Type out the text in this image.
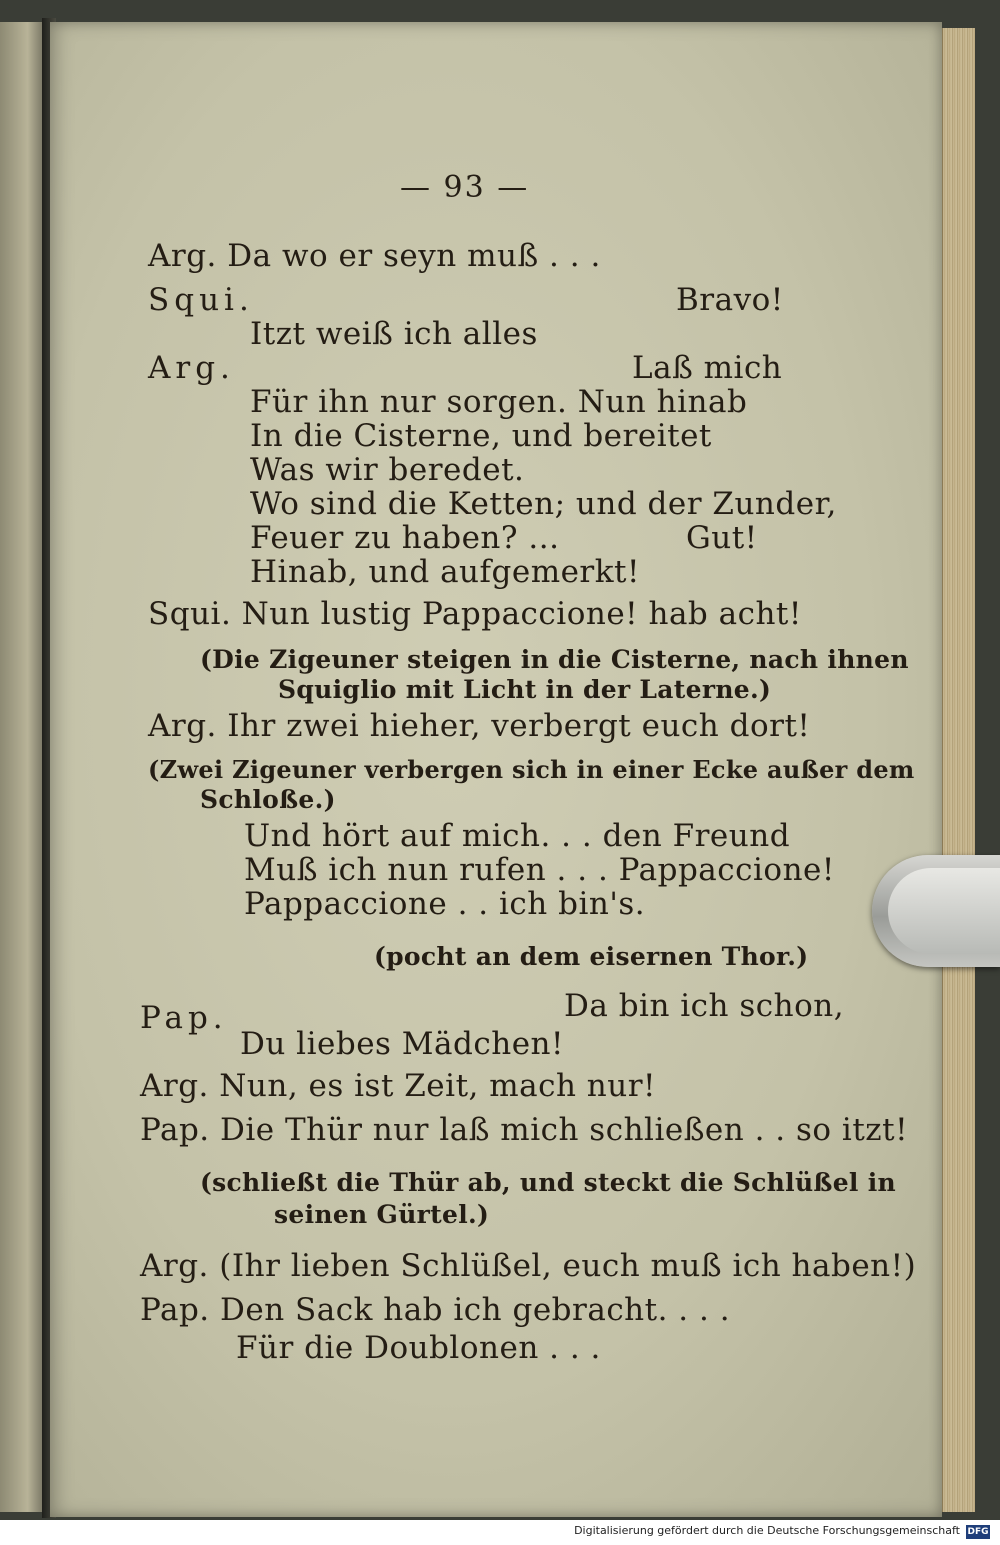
— 93 —
Arg. Da wo er seyn muß . . .
Squi.	Bravo!
Itzt weiß ich alles
Arg.	Laß mich
Für ihn nur sorgen. Nun hinab
In die Cisterne, und bereitet
Was wir beredet.
Wo sind die Ketten; und der Zunder,
Feuer zu haben? ...	Gut!
Hinab, und aufgemerkt!
Squi. Nun lustig Pappaccione! hab acht!
(Die Zigeuner steigen in die Cisterne, nach ihnen
Squiglio mit Licht in der Laterne.)
Arg. Ihr zwei hieher, verbergt euch dort!
(Zwei Zigeuner verbergen sich in einer Ecke außer dem
Schloße.)
Und hört auf mich. . . den Freund
Muß ich nun rufen . . . Pappaccione!
Pappaccione . . ich bin's.
(pocht an dem eisernen Thor.)
Pap.	Da bin ich schon,
Du liebes Mädchen!
Arg. Nun, es ist Zeit, mach nur!
Pap. Die Thür nur laß mich schließen . . so itzt!
(schließt die Thür ab, und steckt die Schlüßel in
seinen Gürtel.)
Arg. (Ihr lieben Schlüßel, euch muß ich haben!)
Pap. Den Sack hab ich gebracht. . . .
Für die Doublonen . . .
Digitalisierung gefördert durch die Deutsche Forschungsgemeinschaft DFG
